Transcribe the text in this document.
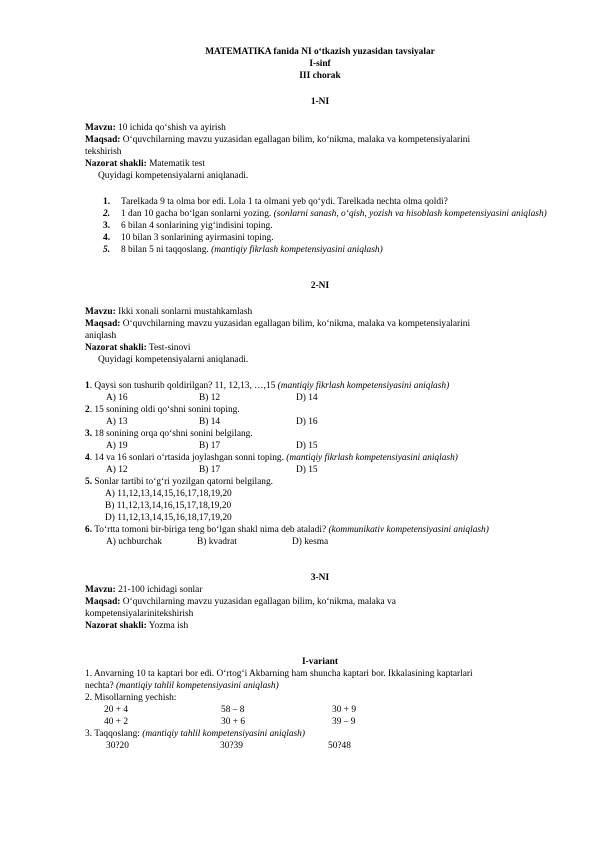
MATEMATIKA fanida NI o‘tkazish yuzasidan tavsiyalar
I-sinf
III chorak
1-NI
Mavzu: 10 ichida qo‘shish va ayirish
Maqsad: O‘quvchilarning mavzu yuzasidan egallagan bilim, ko‘nikma, malaka va kompetensiyalarini
tekshirish
Nazorat shakli: Matematik test
Quyidagi kompetensiyalarni aniqlanadi.
1. Tarelkada 9 ta olma bor edi. Lola 1 ta olmani yeb qo‘ydi. Tarelkada nechta olma qoldi?
2. 1 dan 10 gacha bo‘lgan sonlarni yozing. (sonlarni sanash, o‘qish, yozish va hisoblash kompetensiyasini aniqlash)
3. 6 bilan 4 sonlarining yig‘indisini toping.
4. 10 bilan 3 sonlarining ayirmasini toping.
5. 8 bilan 5 ni taqqoslang. (mantiqiy fikrlash kompetensiyasini aniqlash)
2-NI
Mavzu: Ikki xonali sonlarni mustahkamlash
Maqsad: O‘quvchilarning mavzu yuzasidan egallagan bilim, ko‘nikma, malaka va kompetensiyalarini
aniqlash
Nazorat shakli: Test-sinovi
Quyidagi kompetensiyalarni aniqlanadi.
1. Qaysi son tushurib qoldirilgan? 11, 12,13, …,15 (mantiqiy fikrlash kompetensiyasini aniqlash)
A) 16	B) 12	D) 14
2. 15 sonining oldi qo‘shni sonini toping.
A) 13	B) 14	D) 16
3. 18 sonining orqa qo‘shni sonini belgilang.
A) 19	B) 17	D) 15
4. 14 va 16 sonlari o‘rtasida joylashgan sonni toping. (mantiqiy fikrlash kompetensiyasini aniqlash)
A) 12	B) 17	D) 15
5. Sonlar tartibi to‘g‘ri yozilgan qatorni belgilang.
A) 11,12,13,14,15,16,17,18,19,20
B) 11,12,13,14,16,15,17,18,19,20
D) 11,12,13,14,15,16,18,17,19,20
6. To‘rtta tomoni bir-biriga teng bo‘lgan shakl nima deb ataladi? (kommunikativ kompetensiyasini aniqlash)
A) uchburchak	B) kvadrat	D) kesma
3-NI
Mavzu: 21-100 ichidagi sonlar
Maqsad: O‘quvchilarning mavzu yuzasidan egallagan bilim, ko‘nikma, malaka va
kompetensiyalarinitekshirish
Nazorat shakli: Yozma ish
I-variant
1. Anvarning 10 ta kaptari bor edi. O‘rtog‘i Akbarning ham shuncha kaptari bor. Ikkalasining kaptarlari
nechta? (mantiqiy tahlil kompetensiyasini aniqlash)
2. Misollarning yechish:
20 + 4	58 – 8	30 + 9
40 + 2	30 + 6	39 – 9
3. Taqqoslang: (mantiqiy tahlil kompetensiyasini aniqlash)
30?20	30?39	50?48
